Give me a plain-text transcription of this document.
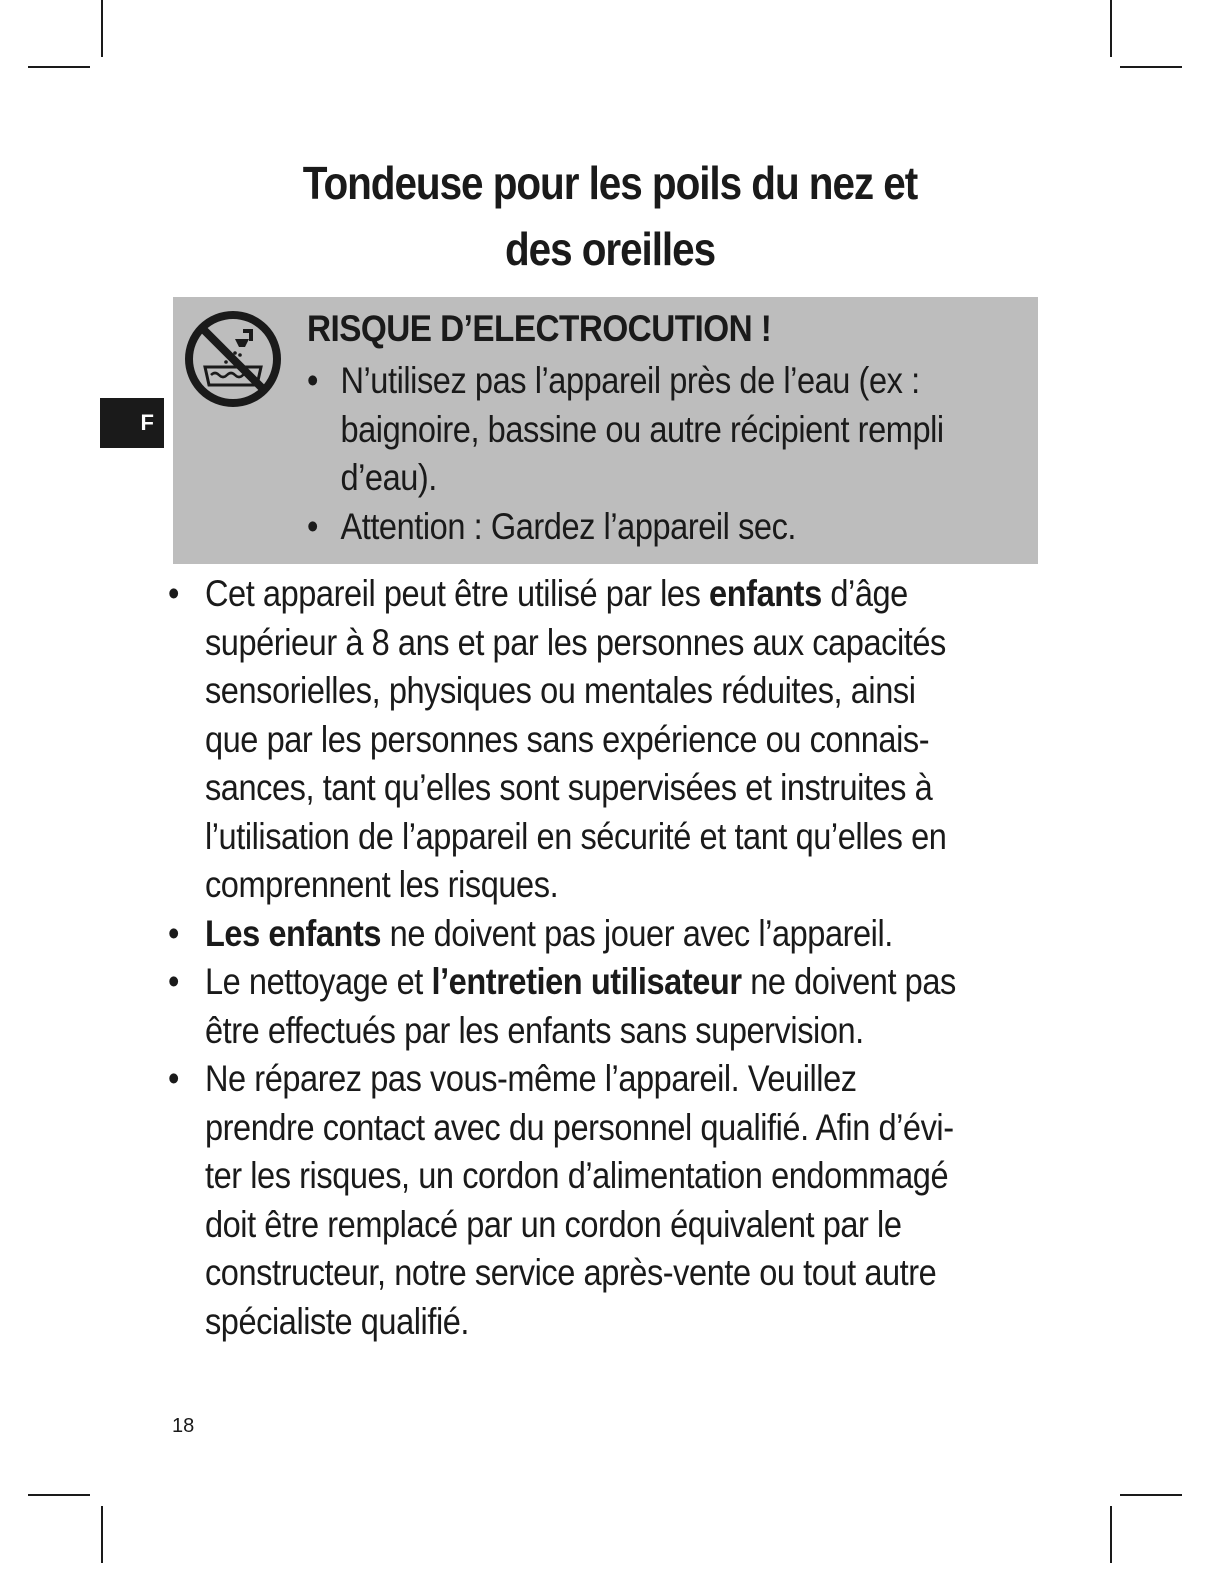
Tondeuse pour les poils du nez et
des oreilles
F
RISQUE D’ELECTROCUTION !
• N’utilisez pas l’appareil près de l’eau (ex :
baignoire, bassine ou autre récipient rempli
d’eau).
• Attention : Gardez l’appareil sec.
• Cet appareil peut être utilisé par les enfants d’âge
supérieur à 8 ans et par les personnes aux capacités
sensorielles, physiques ou mentales réduites, ainsi
que par les personnes sans expérience ou connais-
sances, tant qu’elles sont supervisées et instruites à
l’utilisation de l’appareil en sécurité et tant qu’elles en
comprennent les risques.
• Les enfants ne doivent pas jouer avec l’appareil.
• Le nettoyage et l’entretien utilisateur ne doivent pas
être effectués par les enfants sans supervision.
• Ne réparez pas vous-même l’appareil. Veuillez
prendre contact avec du personnel qualifié. Afin d’évi-
ter les risques, un cordon d’alimentation endommagé
doit être remplacé par un cordon équivalent par le
constructeur, notre service après-vente ou tout autre
spécialiste qualifié.
18
